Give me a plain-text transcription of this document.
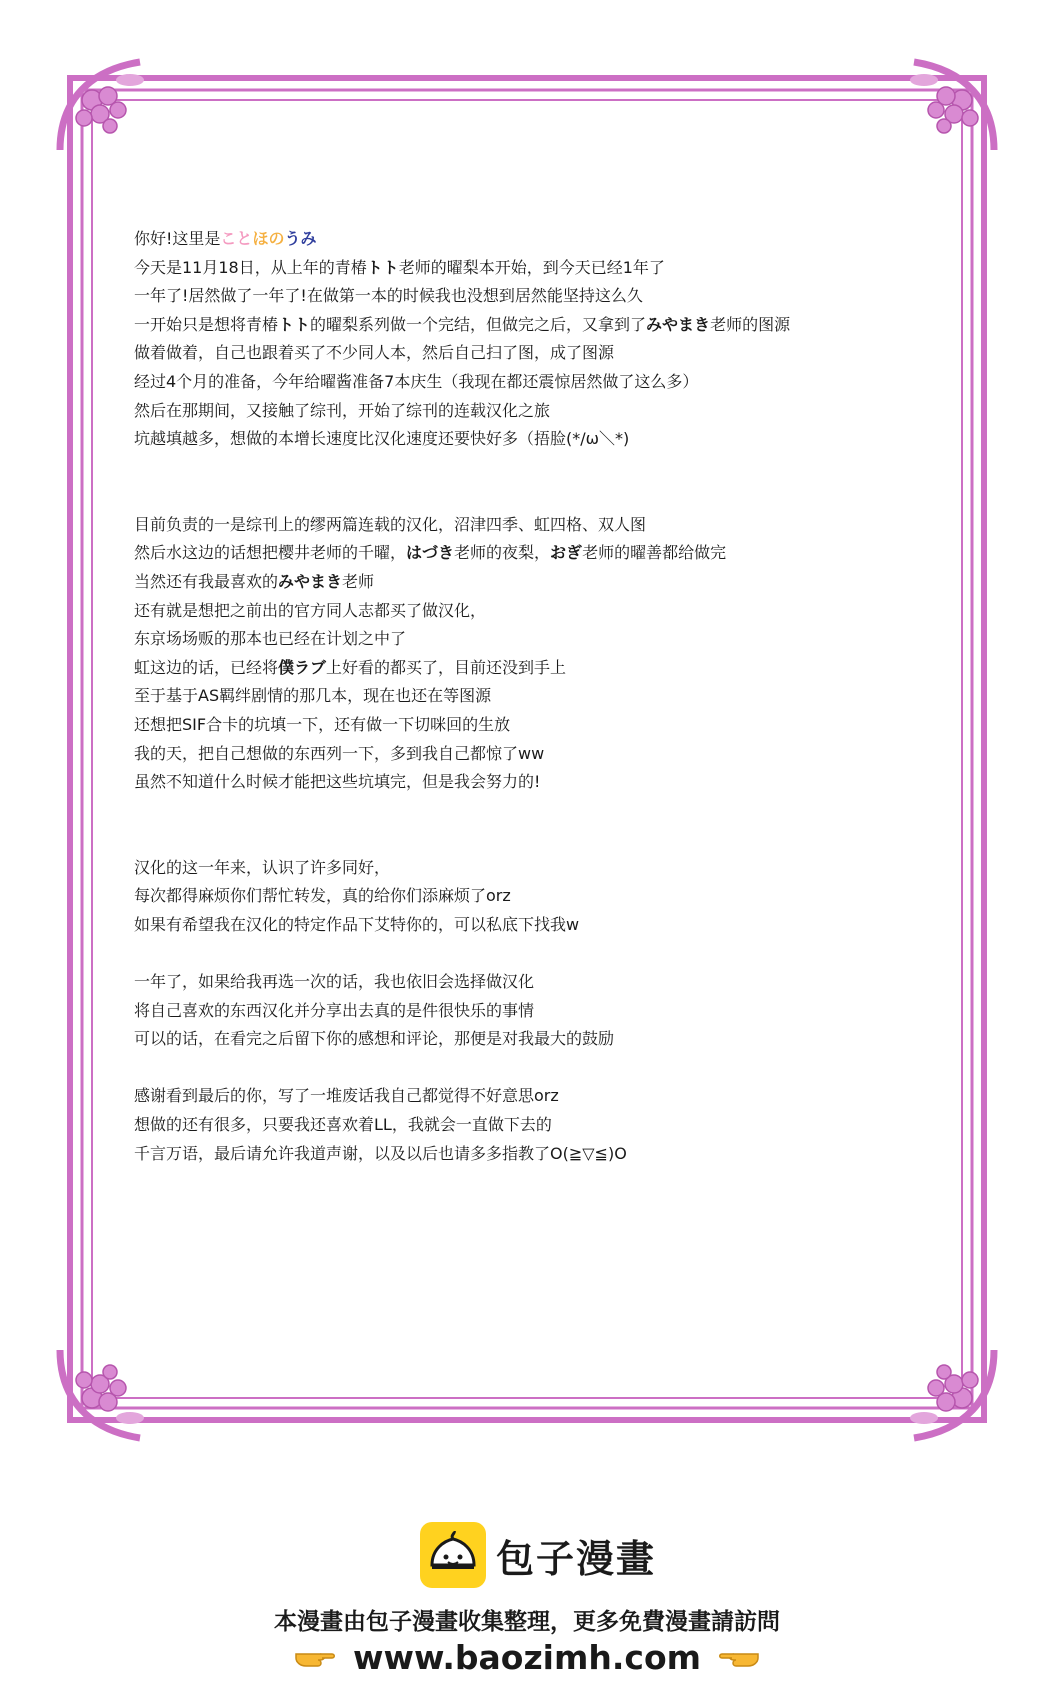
你好!这里是ことほのうみ
今天是11月18日，从上年的青椿トト老师的曜梨本开始，到今天已经1年了
一年了!居然做了一年了!在做第一本的时候我也没想到居然能坚持这么久
一开始只是想将青椿トト的曜梨系列做一个完结，但做完之后，又拿到了みやまき老师的图源
做着做着，自己也跟着买了不少同人本，然后自己扫了图，成了图源
经过4个月的准备，今年给曜酱准备7本庆生（我现在都还震惊居然做了这么多）
然后在那期间，又接触了综刊，开始了综刊的连载汉化之旅
坑越填越多，想做的本增长速度比汉化速度还要快好多（捂脸(*/ω＼*)
目前负责的一是综刊上的缪两篇连载的汉化，沼津四季、虹四格、双人图
然后水这边的话想把樱井老师的千曜，はづき老师的夜梨，おぎ老师的曜善都给做完
当然还有我最喜欢的みやまき老师
还有就是想把之前出的官方同人志都买了做汉化，
东京场场贩的那本也已经在计划之中了
虹这边的话，已经将僕ラブ上好看的都买了，目前还没到手上
至于基于AS羁绊剧情的那几本，现在也还在等图源
还想把SIF合卡的坑填一下，还有做一下切咪回的生放
我的天，把自己想做的东西列一下，多到我自己都惊了ww
虽然不知道什么时候才能把这些坑填完，但是我会努力的!
汉化的这一年来，认识了许多同好，
每次都得麻烦你们帮忙转发，真的给你们添麻烦了orz
如果有希望我在汉化的特定作品下艾特你的，可以私底下找我w
一年了，如果给我再选一次的话，我也依旧会选择做汉化
将自己喜欢的东西汉化并分享出去真的是件很快乐的事情
可以的话，在看完之后留下你的感想和评论，那便是对我最大的鼓励
感谢看到最后的你，写了一堆废话我自己都觉得不好意思orz
想做的还有很多，只要我还喜欢着LL，我就会一直做下去的
千言万语，最后请允许我道声谢，以及以后也请多多指教了O(≧▽≦)O
包子漫畫
本漫畫由包子漫畫收集整理，更多免費漫畫請訪問
www.baozimh.com
